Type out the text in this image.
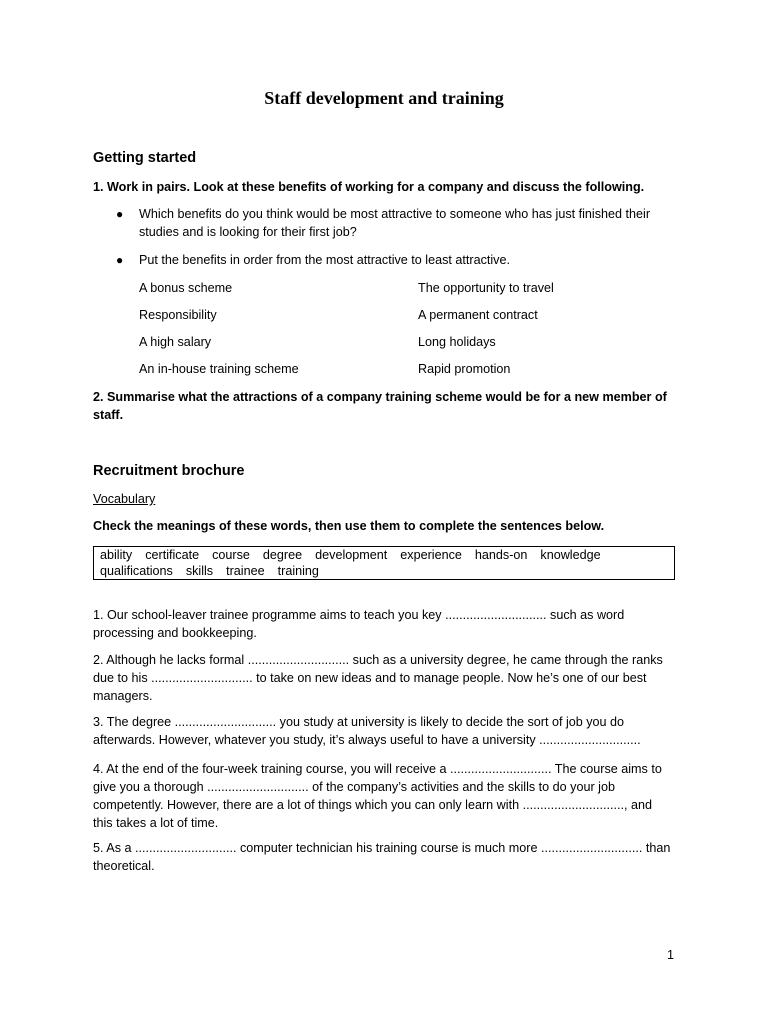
Staff development and training
Getting started
1. Work in pairs. Look at these benefits of working for a company and discuss the following.
● Which benefits do you think would be most attractive to someone who has just finished their studies and is looking for their first job?
● Put the benefits in order from the most attractive to least attractive.
A bonus scheme	The opportunity to travel
Responsibility	A permanent contract
A high salary	Long holidays
An in-house training scheme	Rapid promotion
2. Summarise what the attractions of a company training scheme would be for a new member of staff.
Recruitment brochure
Vocabulary
Check the meanings of these words, then use them to complete the sentences below.
ability certificate course degree development experience hands-on knowledge
qualifications skills trainee training
1. Our school-leaver trainee programme aims to teach you key ............................. such as word processing and bookkeeping.
2. Although he lacks formal ............................. such as a university degree, he came through the ranks due to his ............................. to take on new ideas and to manage people. Now he’s one of our best managers.
3. The degree ............................. you study at university is likely to decide the sort of job you do afterwards. However, whatever you study, it’s always useful to have a university .............................
4. At the end of the four-week training course, you will receive a ............................. The course aims to give you a thorough ............................. of the company’s activities and the skills to do your job competently. However, there are a lot of things which you can only learn with ............................., and this takes a lot of time.
5. As a ............................. computer technician his training course is much more ............................. than theoretical.
1
